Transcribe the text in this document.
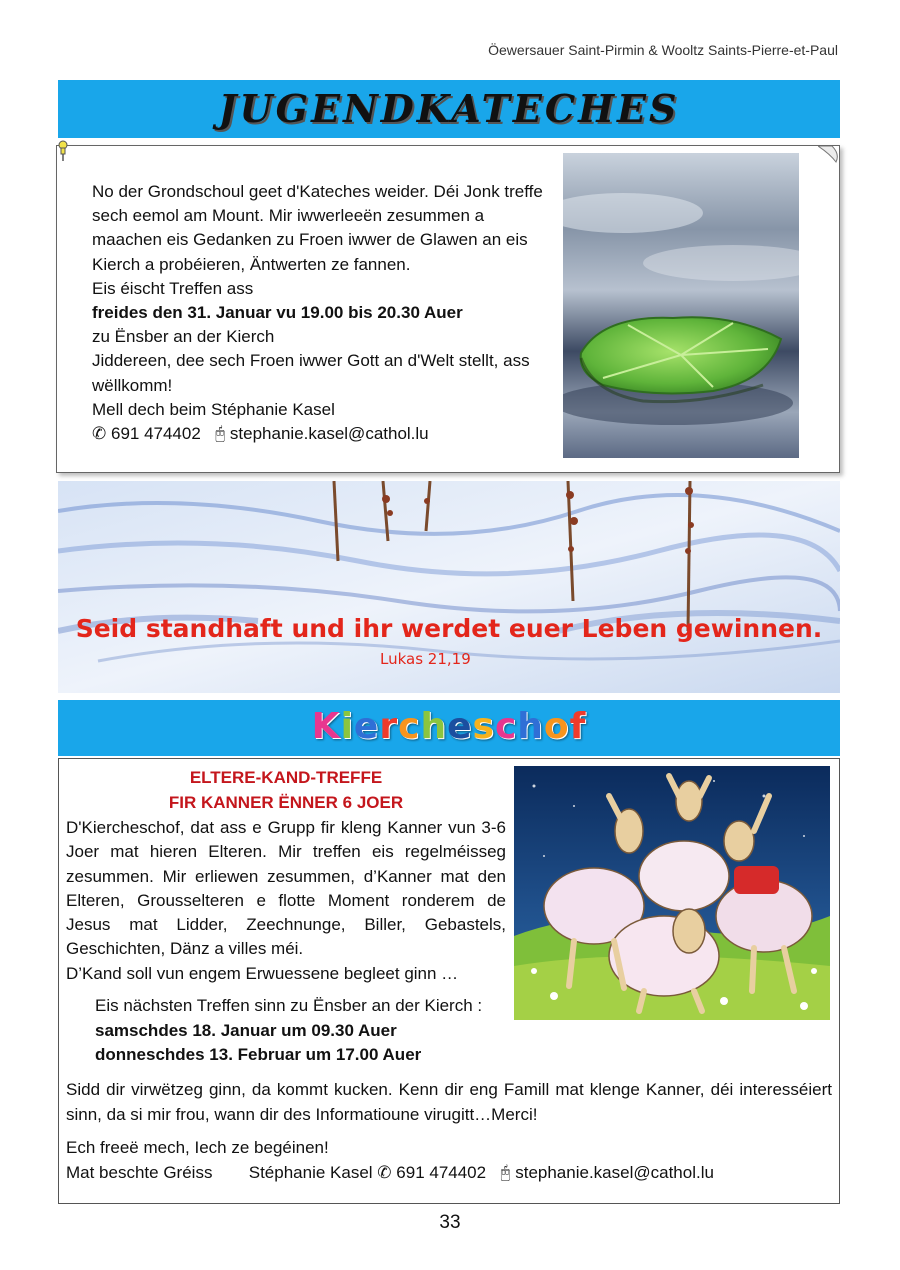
Öewersauer Saint-Pirmin & Wooltz Saints-Pierre-et-Paul
JUGENDKATECHES
No der Grondschoul geet d'Kateches weider. Déi Jonk treffe
sech eemol am Mount. Mir iwwerleeën zesummen a
maachen eis Gedanken zu Froen iwwer de Glawen an eis
Kierch a probéieren, Äntwerten ze fannen.
Eis éischt Treffen ass
freides den 31. Januar vu 19.00 bis 20.30 Auer
zu Ënsber an der Kierch
Jiddereen, dee sech Froen iwwer Gott an d'Welt stellt, ass
wëllkomm!
Mell dech beim Stéphanie Kasel
✆ 691 474402 🖰 stephanie.kasel@cathol.lu
Seid standhaft und ihr werdet euer Leben gewinnen.
Lukas 21,19
Kiercheschof
ELTERE-KAND-TREFFE
FIR KANNER ËNNER 6 JOER
D'Kiercheschof, dat ass e Grupp fir kleng Kanner vun 3-6
Joer mat hieren Elteren. Mir treffen eis regelméisseg
zesummen. Mir erliewen zesummen, d’Kanner mat den
Elteren, Grousselteren e flotte Moment ronderem de
Jesus mat Lidder, Zeechnunge, Biller, Gebastels,
Geschichten, Dänz a villes méi.
D’Kand soll vun engem Erwuessene begleet ginn …
Eis nächsten Treffen sinn zu Ënsber an der Kierch :
samschdes 18. Januar um 09.30 Auer
donneschdes 13. Februar um 17.00 Auer
Sidd dir virwëtzeg ginn, da kommt kucken. Kenn dir eng Famill mat klenge Kanner, déi interesséiert
sinn, da si mir frou, wann dir des Informatioune virugitt…Merci!
Ech freeë mech, Iech ze begéinen!
Mat beschte Gréiss Stéphanie Kasel ✆ 691 474402 🖰 stephanie.kasel@cathol.lu
33
